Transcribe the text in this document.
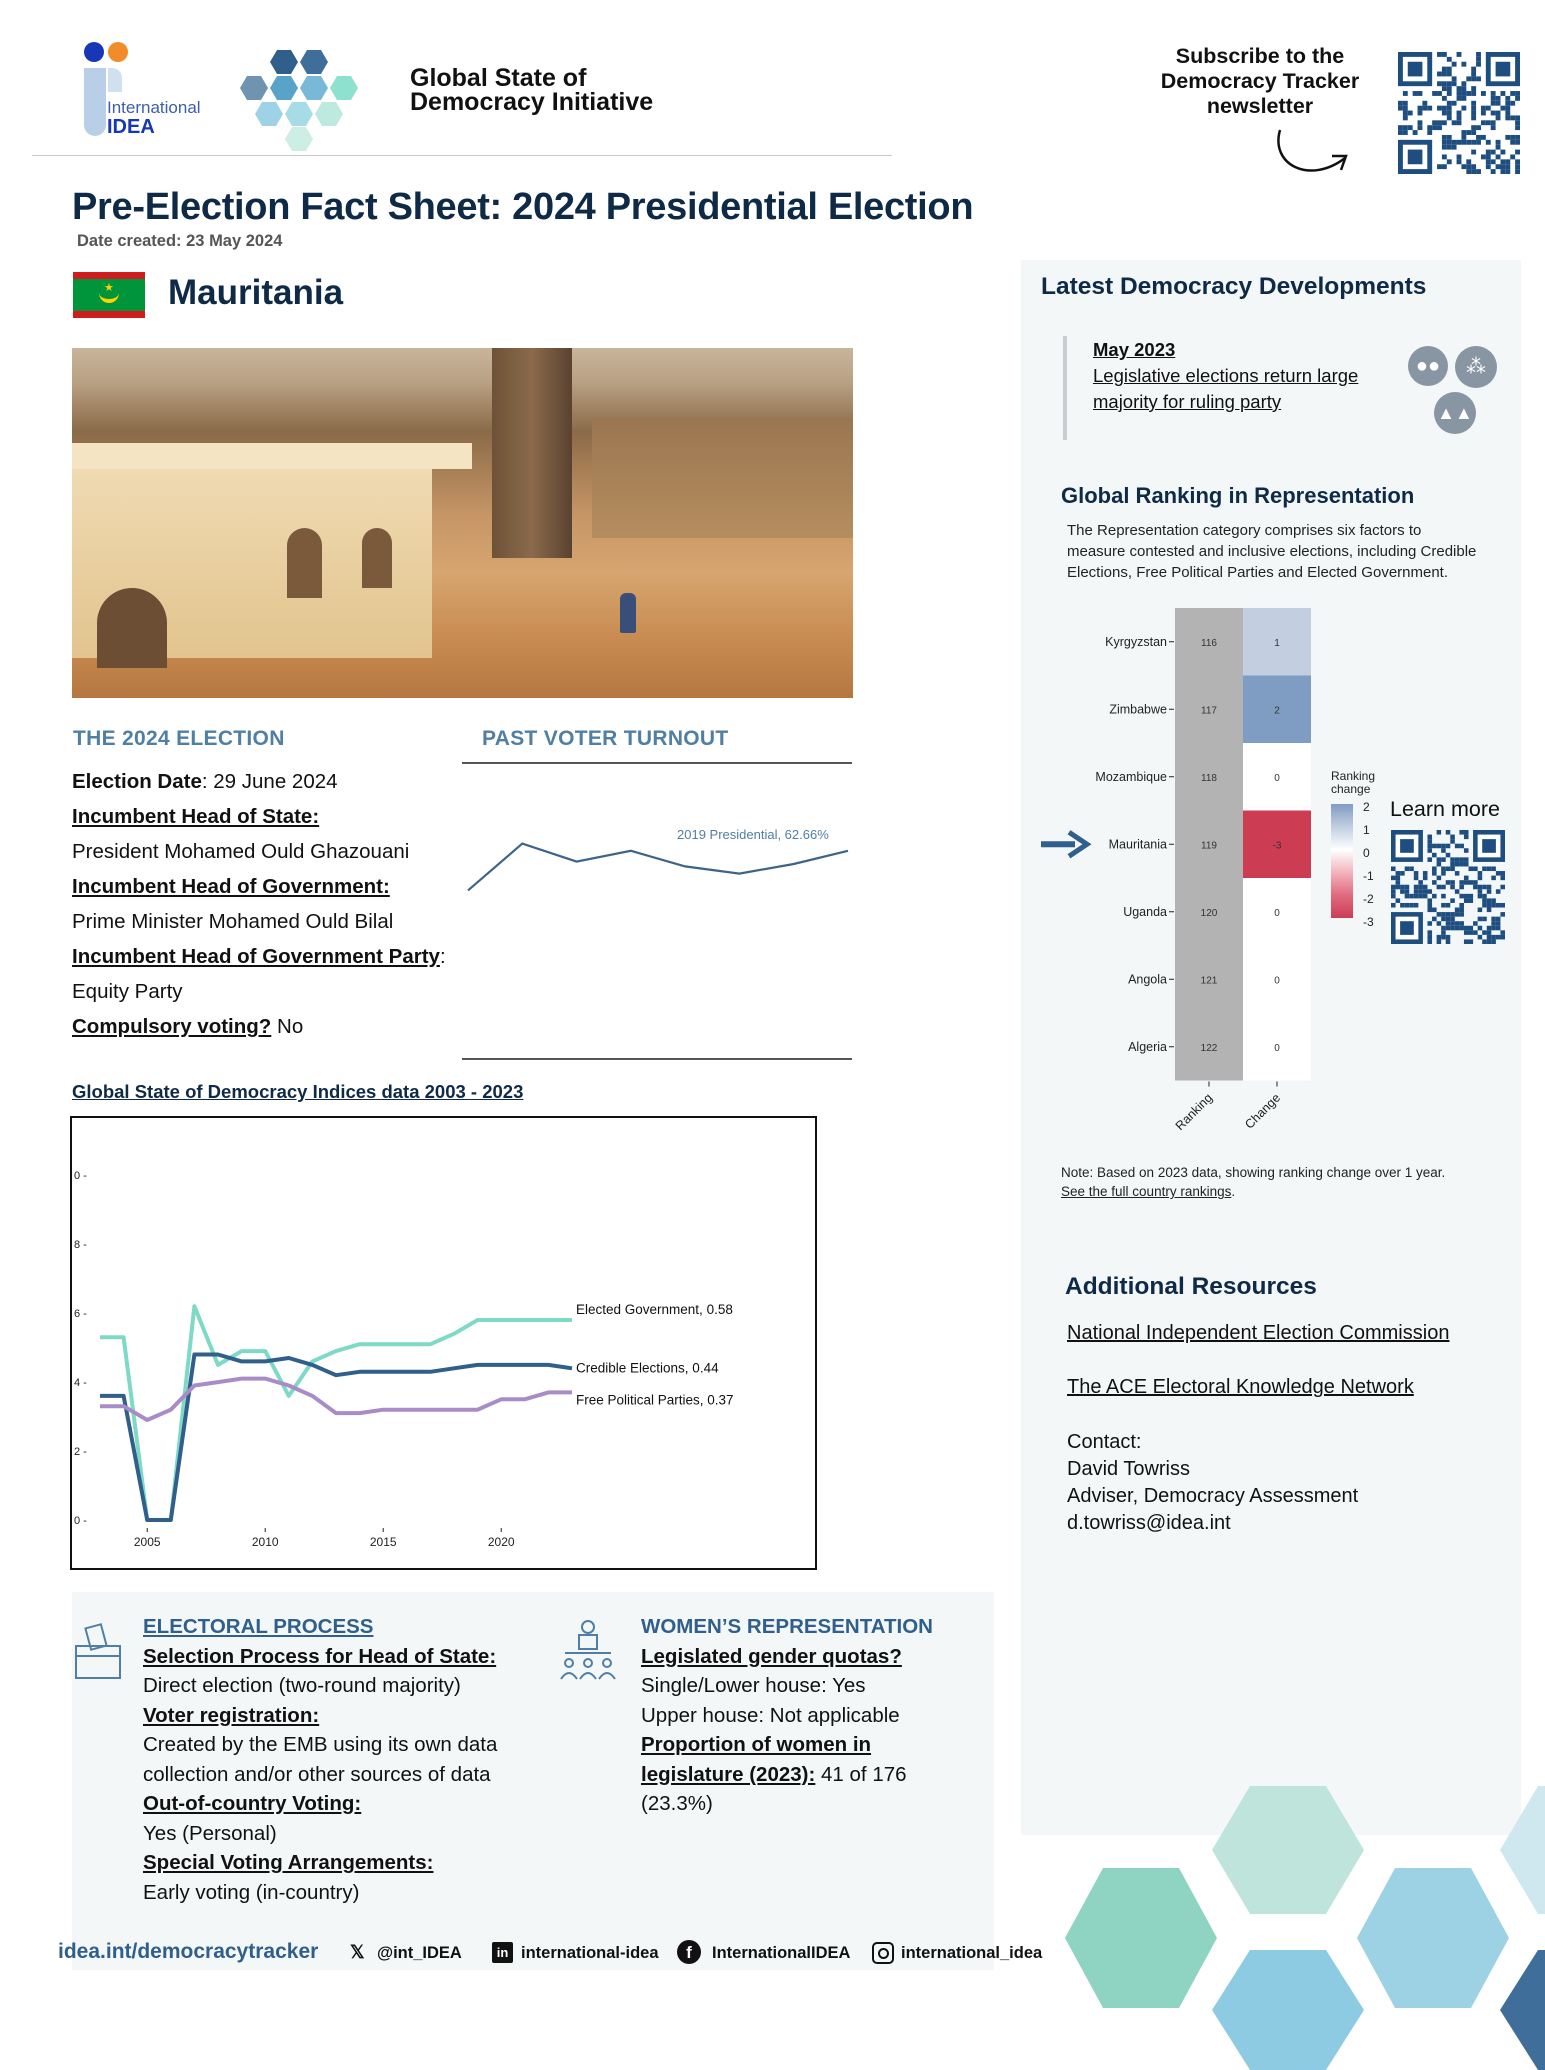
International
IDEA
Global State of
Democracy Initiative
Subscribe to the
Democracy Tracker
newsletter
Pre-Election Fact Sheet: 2024 Presidential Election
Date created: 23 May 2024
★ Mauritania
THE 2024 ELECTION
Election Date: 29 June 2024
Incumbent Head of State:
President Mohamed Ould Ghazouani
Incumbent Head of Government:
Prime Minister Mohamed Ould Bilal
Incumbent Head of Government Party:
Equity Party
Compulsory voting? No
PAST VOTER TURNOUT
2019 Presidential, 62.66%
Global State of Democracy Indices data 2003 - 2023
0 -
2 -
4 -
6 -
8 -
0 -
2005	2010	2015	2020
Elected Government, 0.58
Credible Elections, 0.44
Free Political Parties, 0.37
Latest Democracy Developments
May 2023
Legislative elections return large
majority for ruling party
●●	⁂
▲▲
Global Ranking in Representation
The Representation category comprises six factors to
measure contested and inclusive elections, including Credible
Elections, Free Political Parties and Elected Government.
Kyrgyzstan	116	1
Zimbabwe	117	2
Mozambique	118	0
Mauritania	119	-3
Uganda	120	0
Angola	121	0
Algeria	122	0
Ranking Change
Ranking
change
2
1
0
-1
-2
-3
Learn more
Note: Based on 2023 data, showing ranking change over 1 year.
See the full country rankings.
Additional Resources
National Independent Election Commission
The ACE Electoral Knowledge Network
Contact:
David Towriss
Adviser, Democracy Assessment
d.towriss@idea.int
ELECTORAL PROCESS
Selection Process for Head of State:
Direct election (two-round majority)
Voter registration:
Created by the EMB using its own data
collection and/or other sources of data
Out-of-country Voting:
Yes (Personal)
Special Voting Arrangements:
Early voting (in-country)
WOMEN’S REPRESENTATION
Legislated gender quotas?
Single/Lower house: Yes
Upper house: Not applicable
Proportion of women in
legislature (2023): 41 of 176
(23.3%)
idea.int/democracytracker 𝕏 @int_IDEA	in international-idea	f	InternationalIDEA	international_idea
